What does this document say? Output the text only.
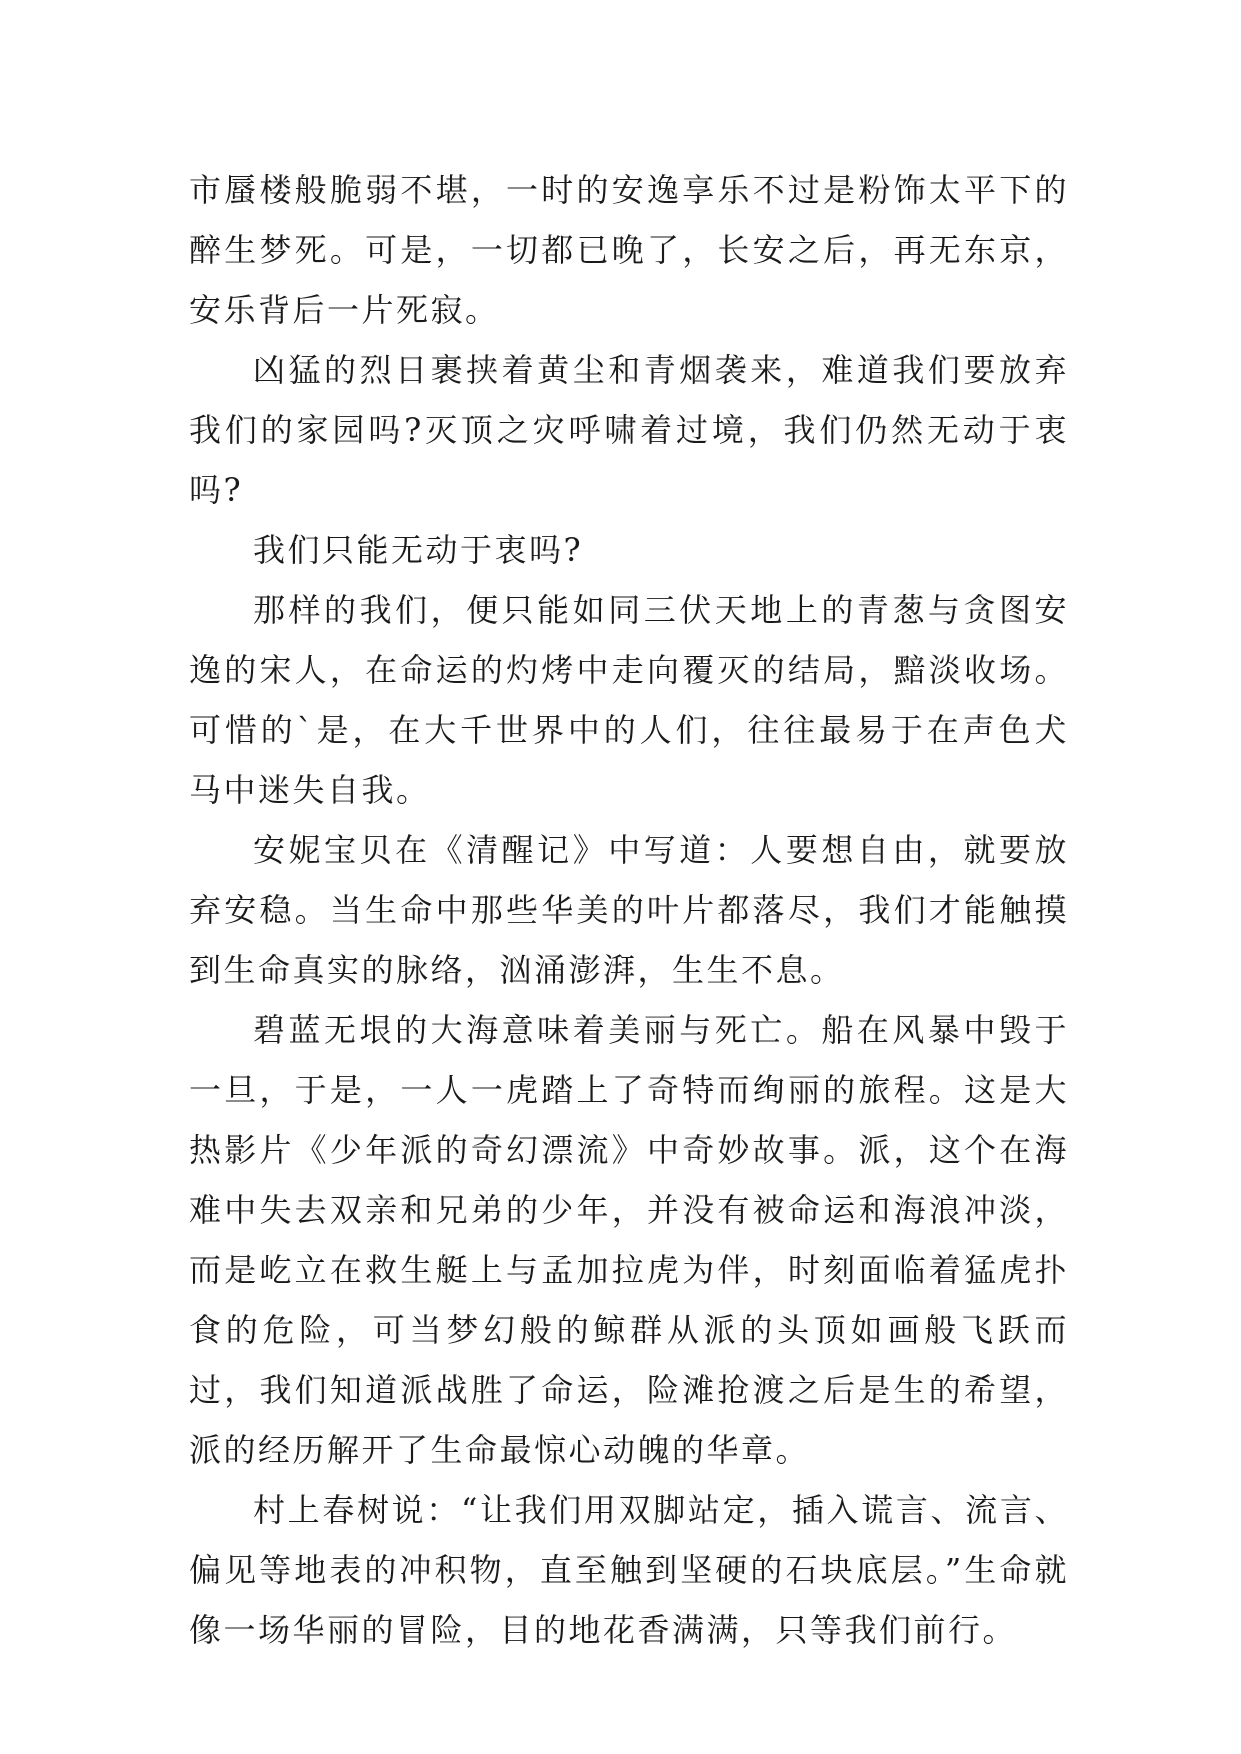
市蜃楼般脆弱不堪，一时的安逸享乐不过是粉饰太平下的醉生梦死。可是，一切都已晚了，长安之后，再无东京，安乐背后一片死寂。

凶猛的烈日裹挟着黄尘和青烟袭来，难道我们要放弃我们的家园吗?灭顶之灾呼啸着过境，我们仍然无动于衷吗?

我们只能无动于衷吗?

那样的我们，便只能如同三伏天地上的青葱与贪图安逸的宋人，在命运的灼烤中走向覆灭的结局，黯淡收场。可惜的`是，在大千世界中的人们，往往最易于在声色犬马中迷失自我。

安妮宝贝在《清醒记》中写道：人要想自由，就要放弃安稳。当生命中那些华美的叶片都落尽，我们才能触摸到生命真实的脉络，汹涌澎湃，生生不息。

碧蓝无垠的大海意味着美丽与死亡。船在风暴中毁于一旦，于是，一人一虎踏上了奇特而绚丽的旅程。这是大热影片《少年派的奇幻漂流》中奇妙故事。派，这个在海难中失去双亲和兄弟的少年，并没有被命运和海浪冲淡，而是屹立在救生艇上与孟加拉虎为伴，时刻面临着猛虎扑食的危险，可当梦幻般的鲸群从派的头顶如画般飞跃而过，我们知道派战胜了命运，险滩抢渡之后是生的希望，派的经历解开了生命最惊心动魄的华章。

村上春树说：“让我们用双脚站定，插入谎言、流言、偏见等地表的冲积物，直至触到坚硬的石块底层。”生命就像一场华丽的冒险，目的地花香满满，只等我们前行。
